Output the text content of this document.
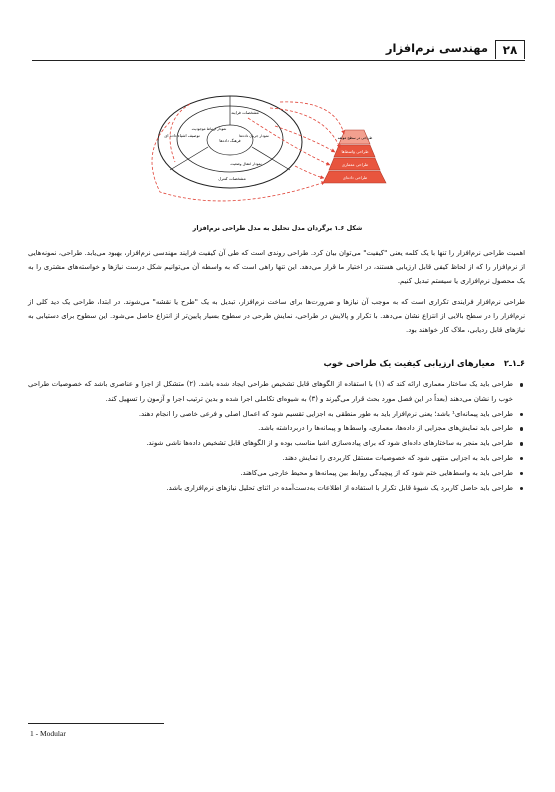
۲۸
مهندسی نرم‌افزار
مشخصات فرایند
توصیف اشیاء داده ای
مشخصات کنترل
نمودار ارتباط موجودیت
نمودار جریان داده‌ها
نمودار انتقال وضعیت
فرهنگ داده‌ها	طراحی در سطح مولفه
طراحی واسط‌ها
طراحی معماری
طراحی داده‌ای
شکل ۶ـ۱ برگردان مدل تحلیل به مدل طراحی نرم‌افزار
اهمیت طراحی نرم‌افزار را تنها با یک کلمه یعنی "کیفیت" می‌توان بیان کرد. طراحی روندی است که طی آن کیفیت فرایند مهندسی نرم‌افزار، بهبود می‌یابد. طراحی، نمونه‌هایی از نرم‌افزار را که از لحاظ کیفی قابل ارزیابی هستند، در اختیار ما قرار می‌دهد. این تنها راهی است که به واسطه آن می‌توانیم شکل درست نیازها و خواسته‌های مشتری را به یک محصول نرم‌افزاری یا سیستم تبدیل کنیم.
طراحی نرم‌افزار فرایندی تکراری است که به موجب آن نیازها و ضرورت‌ها برای ساخت نرم‌افزار، تبدیل به یک "طرح یا نقشه" می‌شوند. در ابتدا، طراحی یک دید کلی از نرم‌افزار را در سطح بالایی از انتزاع نشان می‌دهد. با تکرار و پالایش در طراحی، نمایش طرحی در سطوح بسیار پایین‌تر از انتزاع حاصل می‌شود. این سطوح برای دستیابی به نیازهای قابل ردیابی، ملاک کار خواهند بود.
۶ـ۱ـ۲ معیارهای ارزیابی کیفیت یک طراحی خوب
طراحی باید یک ساختار معماری ارائه کند که (۱) با استفاده از الگوهای قابل تشخیص طراحی ایجاد شده باشد. (۲) متشکل از اجزا و عناصری باشد که خصوصیات طراحی خوب را نشان می‌دهند (بعداً در این فصل مورد بحث قرار می‌گیرند و (۳) به شیوه‌ای تکاملی اجرا شده و بدین ترتیب اجرا و آزمون را تسهیل کند.
طراحی باید پیمانه‌ای¹ باشد؛ یعنی نرم‌افزار باید به طور منطقی به اجزایی تقسیم شود که اعمال اصلی و فرعی خاصی را انجام دهند.
طراحی باید نمایش‌های مجزایی از داده‌ها، معماری، واسط‌ها و پیمانه‌ها را دربرداشته باشد.
طراحی باید منجر به ساختارهای داده‌ای شود که برای پیاده‌سازی اشیا مناسب بوده و از الگوهای قابل تشخیص داده‌ها ناشی شوند.
طراحی باید به اجزایی منتهی شود که خصوصیات مستقل کاربردی را نمایش دهند.
طراحی باید به واسط‌هایی ختم شود که از پیچیدگی روابط بین پیمانه‌ها و محیط خارجی می‌کاهند.
طراحی باید حاصل کاربرد یک شیوهٔ قابل تکرار با استفاده از اطلاعات به‌دست‌آمده در اثنای تحلیل نیازهای نرم‌افزاری باشد.
1 - Modular
